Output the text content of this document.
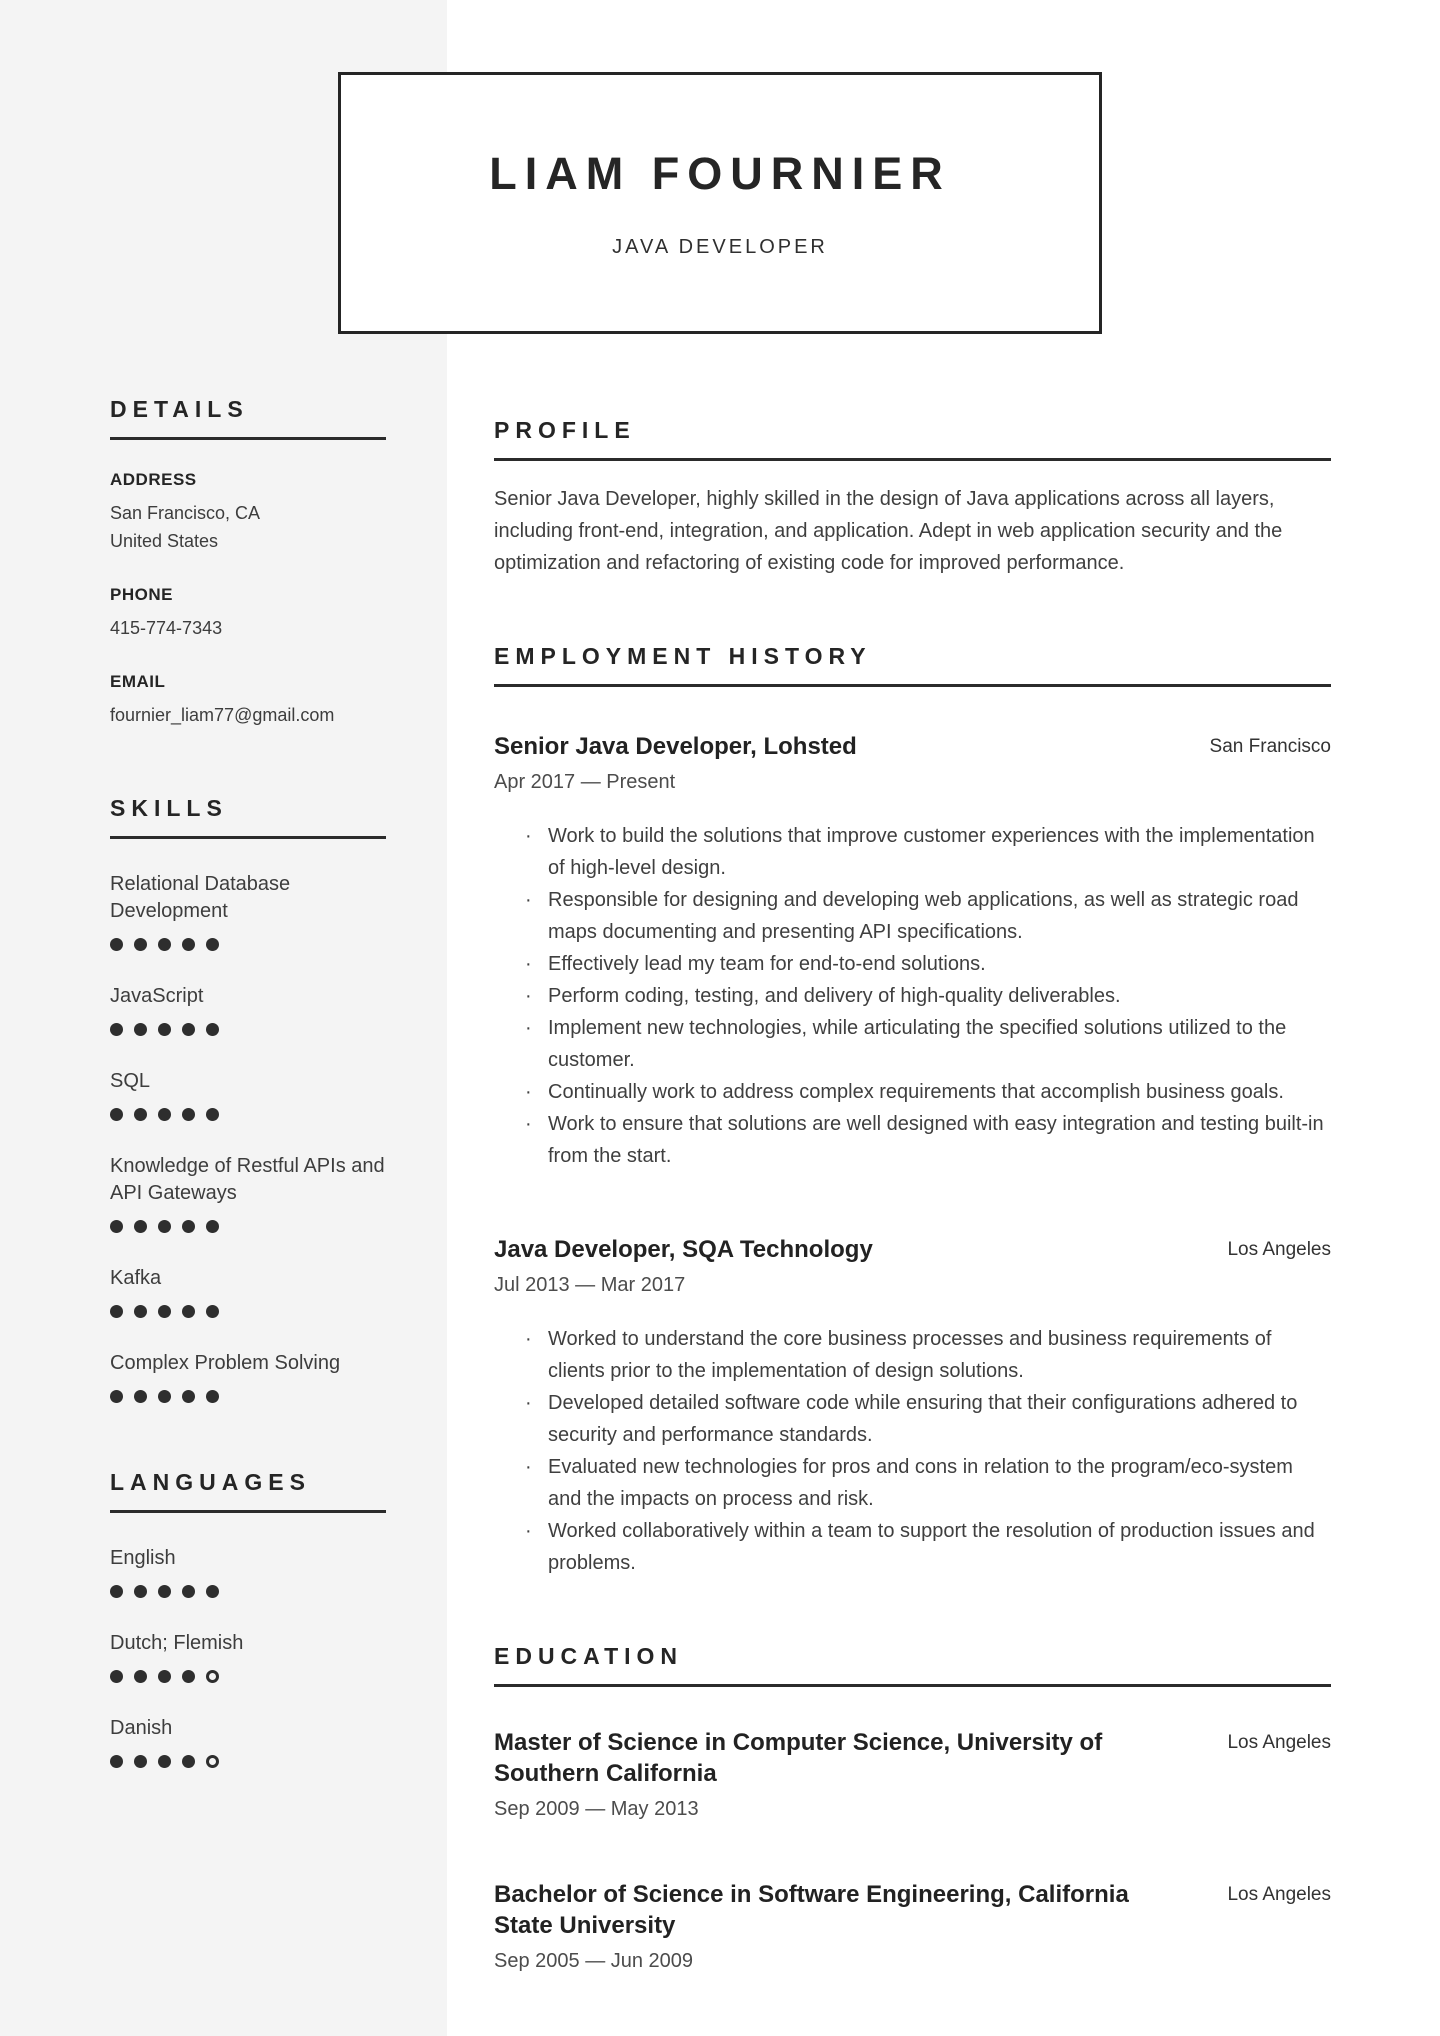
DETAILS
ADDRESS
San Francisco, CA
United States
PHONE
415-774-7343
EMAIL
fournier_liam77@gmail.com
SKILLS
Relational Database Development
JavaScript
SQL
Knowledge of Restful APIs and API Gateways
Kafka
Complex Problem Solving
LANGUAGES
English
Dutch; Flemish
Danish
LIAM FOURNIER
JAVA DEVELOPER
PROFILE

Senior Java Developer, highly skilled in the design of Java applications across all layers, including front-end, integration, and application. Adept in web application security and the optimization and refactoring of existing code for improved performance.

EMPLOYMENT HISTORY
Senior Java Developer, Lohsted	San Francisco
Apr 2017 — Present
· Work to build the solutions that improve customer experiences with the implementation of high-level design.
· Responsible for designing and developing web applications, as well as strategic road maps documenting and presenting API specifications.
· Effectively lead my team for end-to-end solutions.
· Perform coding, testing, and delivery of high-quality deliverables.
· Implement new technologies, while articulating the specified solutions utilized to the customer.
· Continually work to address complex requirements that accomplish business goals.
· Work to ensure that solutions are well designed with easy integration and testing built-in from the start.
Java Developer, SQA Technology	Los Angeles
Jul 2013 — Mar 2017
· Worked to understand the core business processes and business requirements of clients prior to the implementation of design solutions.
· Developed detailed software code while ensuring that their configurations adhered to security and performance standards.
· Evaluated new technologies for pros and cons in relation to the program/eco-system and the impacts on process and risk.
· Worked collaboratively within a team to support the resolution of production issues and problems.
EDUCATION
Master of Science in Computer Science, University of Southern California
Los Angeles
Sep 2009 — May 2013
Bachelor of Science in Software Engineering, California State University
Los Angeles
Sep 2005 — Jun 2009
